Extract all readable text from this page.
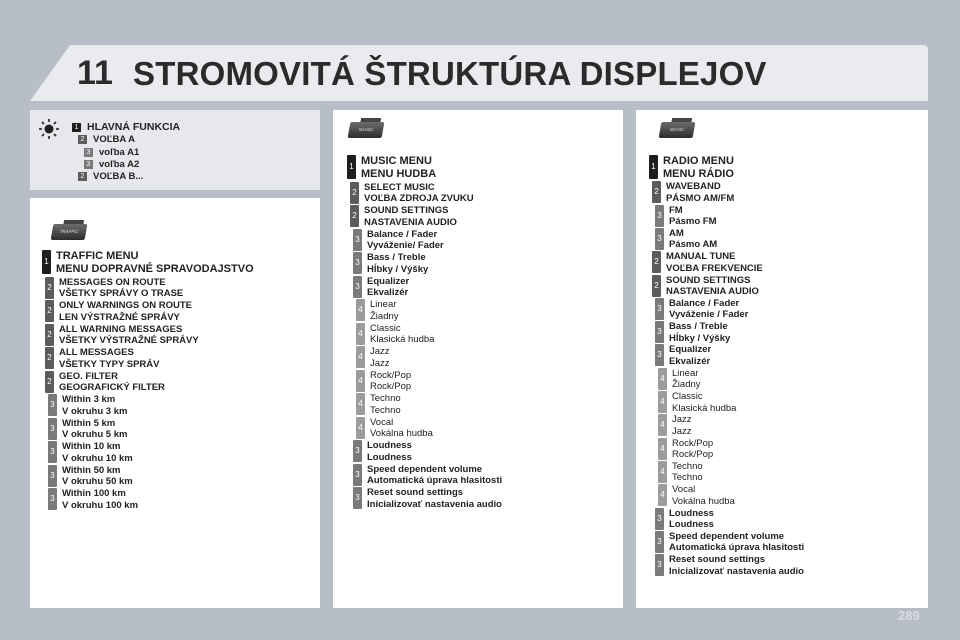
11 STROMOVITÁ ŠTRUKTÚRA DISPLEJOV
1 HLAVNÁ FUNKCIA
2 VOĽBA A
3 voľba A1
3 voľba A2
2 VOĽBA B...
TRAFFIC
1 TRAFFIC MENU
MENU DOPRAVNÉ SPRAVODAJSTVO
2 MESSAGES ON ROUTE
VŠETKY SPRÁVY O TRASE
2 ONLY WARNINGS ON ROUTE
LEN VÝSTRAŽNÉ SPRÁVY
2 ALL WARNING MESSAGES
VŠETKY VÝSTRAŽNÉ SPRÁVY
2 ALL MESSAGES
VŠETKY TYPY SPRÁV
2 GEO. FILTER
GEOGRAFICKÝ FILTER
3 Within 3 km
V okruhu 3 km
3 Within 5 km
V okruhu 5 km
3 Within 10 km
V okruhu 10 km
3 Within 50 km
V okruhu 50 km
3 Within 100 km
V okruhu 100 km
MUSIC
1 MUSIC MENU
MENU HUDBA
2 SELECT MUSIC
VOĽBA ZDROJA ZVUKU
2 SOUND SETTINGS
NASTAVENIA AUDIO
3 Balance / Fader
Vyváženie/ Fader
3 Bass / Treble
Hĺbky / Výšky
3 Equalizer
Ekvalizér
4 Linear
Žiadny
4 Classic
Klasická hudba
4 Jazz
Jazz
4 Rock/Pop
Rock/Pop
4 Techno
Techno
4 Vocal
Vokálna hudba
3 Loudness
Loudness
3 Speed dependent volume
Automatická úprava hlasitosti
3 Reset sound settings
Inicializovať nastavenia audio
MUSIC
1 RADIO MENU
MENU RÁDIO
2 WAVEBAND
PÁSMO AM/FM
3 FM
Pásmo FM
3 AM
Pásmo AM
2 MANUAL TUNE
VOĽBA FREKVENCIE
2 SOUND SETTINGS
NASTAVENIA AUDIO
3 Balance / Fader
Vyváženie / Fader
3 Bass / Treble
Hĺbky / Výšky
3 Equalizer
Ekvalizér
4 Linear
Žiadny
4 Classic
Klasická hudba
4 Jazz
Jazz
4 Rock/Pop
Rock/Pop
4 Techno
Techno
4 Vocal
Vokálna hudba
3 Loudness
Loudness
3 Speed dependent volume
Automatická úprava hlasitosti
3 Reset sound settings
Inicializovať nastavenia audio
289
